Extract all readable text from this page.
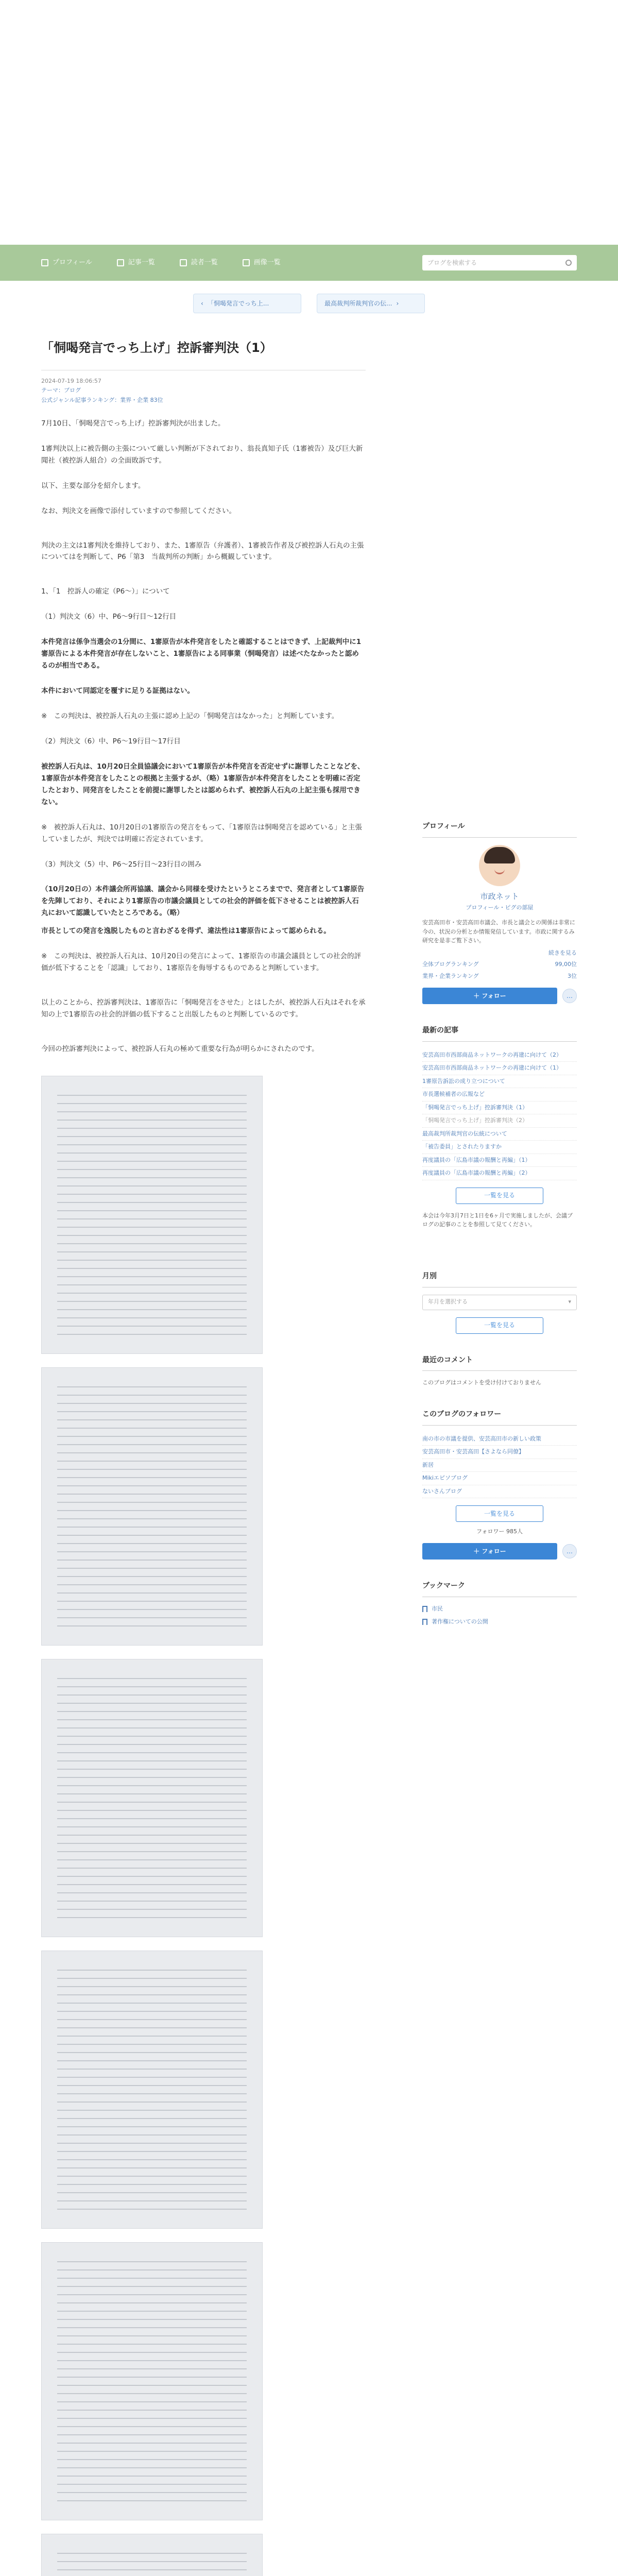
プロフィール	記事一覧	読者一覧	画像一覧	ブログを検索する
‹ 「恫喝発言でっち上...	最高裁判所裁判官の伝... ›
「恫喝発言でっち上げ」控訴審判決（1）
2024-07-19 18:06:57
テーマ：ブログ
公式ジャンル記事ランキング：業界・企業 83位

7月10日、「恫喝発言でっち上げ」控訴審判決が出ました。

1審判決以上に被告側の主張について厳しい判断が下されており、翁長真知子氏（1審被告）及び巨大新聞社（被控訴人組合）の全面敗訴です。

以下、主要な部分を紹介します。

なお、判決文を画像で添付していますので参照してください。

判決の主文は1審判決を維持しており、また、1審原告（弁護者）、1審被告作者及び被控訴人石丸の主張についてはを判断して、P6「第3　当裁判所の判断」から概観しています。

1、「1　控訴人の確定（P6～）」について

（1）判決文（6）中、P6～9行目～12行目

本件発言は係争当選会の1分間に、1審原告が本件発言をしたと確認することはできず、上記裁判中に1審原告による本件発言が存在しないこと、1審原告による同事業（恫喝発言）は述べたなかったと認めるのが相当である。

本件において同認定を覆すに足りる証拠はない。

※　この判決は、被控訴人石丸の主張に認め上記の「恫喝発言はなかった」と判断しています。

（2）判決文（6）中、P6～19行目～17行目

被控訴人石丸は、10月20日全員協議会において1審原告が本件発言を否定せずに謝罪したことなどを、1審原告が本件発言をしたことの根拠と主張するが、（略）1審原告が本件発言をしたことを明確に否定したとおり、同発言をしたことを前提に謝罪したとは認められず、被控訴人石丸の上記主張も採用できない。

※　被控訴人石丸は、10月20日の1審原告の発言をもって、「1審原告は恫喝発言を認めている」と主張していましたが、判決では明確に否定されています。

（3）判決文（5）中、P6～25行目～23行目の囲み

（10月20日の）本件議会所再協議、議会から同様を受けたというところまでで、発言者として1審原告を先陣しており、それにより1審原告の市議会議員としての社会的評価を低下させることは被控訴人石丸において認識していたところである。（略）

市長としての発言を逸脱したものと言わざるを得ず、違法性は1審原告によって認められる。

※　この判決は、被控訴人石丸は、10月20日の発言によって、1審原告の市議会議員としての社会的評価が低下することを「認識」しており、1審原告を侮辱するものであると判断しています。

以上のことから、控訴審判決は、1審原告に「恫喝発言をさせた」とはしたが、被控訴人石丸はそれを承知の上で1審原告の社会的評価の低下すること出版したものと判断しているのです。

今回の控訴審判決によって、被控訴人石丸の極めて重要な行為が明らかにされたのです。

プロフィール
市政ネット
プロフィール・ピグの部屋
安芸高田市・安芸高田市議会、市長と議会との関係は非常に今の、状況の分析とか情報発信しています。市政に関するみ研究を是非ご覧下さい。
続きを見る
全体ブログランキング	99,00位
業界・企業ランキング	3位
＋
フォロー	…
最新の記事
安芸高田市西部商品ネットワークの再建に向けて（2）
安芸高田市西部商品ネットワークの再建に向けて（1）
1審原告訴訟の成り立つについて
市長選候補者の広報など
「恫喝発言でっち上げ」控訴審判決（1）
「恫喝発言でっち上げ」控訴審判決（2）
最高裁判所裁判官の伝統について
「被告委員」とされたりますか
再度議員の「広島市議の報酬と再編」（1）
再度議員の「広島市議の報酬と再編」（2）
一覧を見る
本会は今年3月7日と1日を6ヶ月で実施しましたが、会議ブログの記事のことを参照して見てください。
月別
年月を選択する	▾
一覧を見る
最近のコメント
このブログはコメントを受け付けておりません
このブログのフォロワー
南の市の市議を提供、安芸高田市の新しい政策
安芸高田市・安芸高田【さよなら同僚】
新居
Mikiエピソブログ
ないさんブログ
一覧を見る
フォロワー 985人
＋
フォロー	…
ブックマーク
市民
著作権についての公開
